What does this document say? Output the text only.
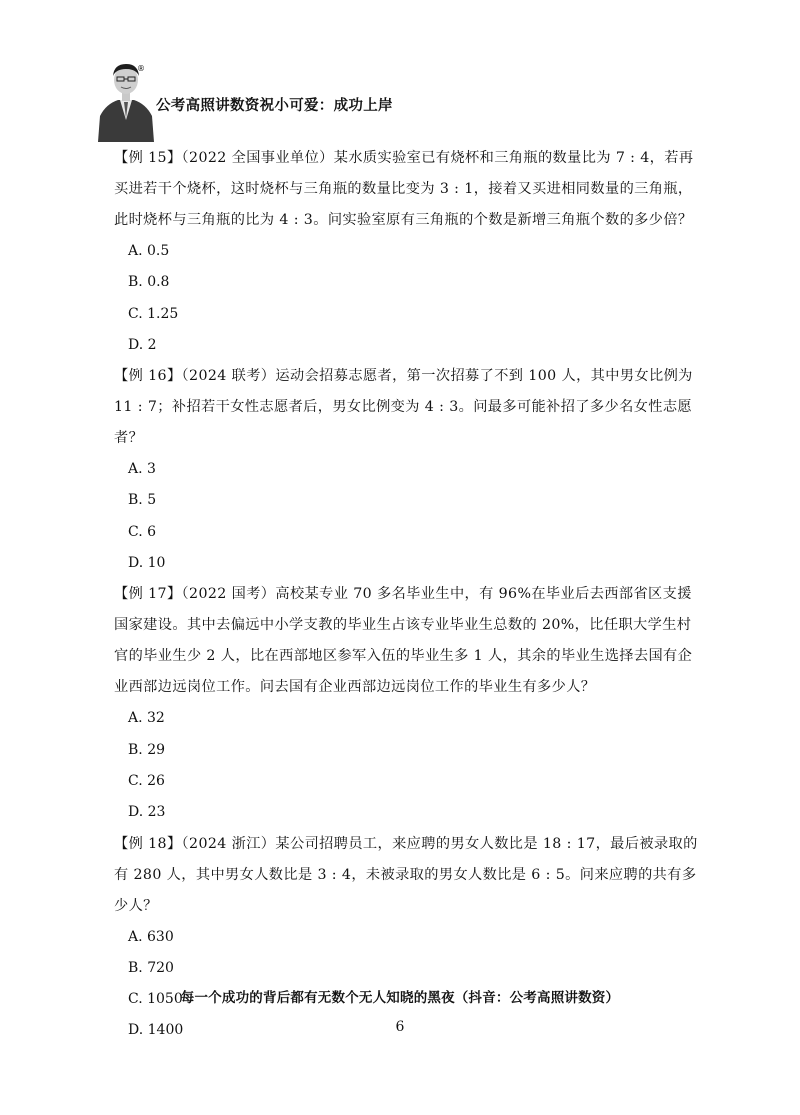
®
公考高照讲数资祝小可爱：成功上岸

【例 15】（2022 全国事业单位）某水质实验室已有烧杯和三角瓶的数量比为 7 : 4，若再买进若干个烧杯，这时烧杯与三角瓶的数量比变为 3 : 1，接着又买进相同数量的三角瓶，此时烧杯与三角瓶的比为 4 : 3。问实验室原有三角瓶的个数是新增三角瓶个数的多少倍？

A. 0.5
B. 0.8
C. 1.25
D. 2

【例 16】（2024 联考）运动会招募志愿者，第一次招募了不到 100 人，其中男女比例为 11 : 7；补招若干女性志愿者后，男女比例变为 4 : 3。问最多可能补招了多少名女性志愿者？

A. 3
B. 5
C. 6
D. 10

【例 17】（2022 国考）高校某专业 70 多名毕业生中，有 96%在毕业后去西部省区支援国家建设。其中去偏远中小学支教的毕业生占该专业毕业生总数的 20%，比任职大学生村官的毕业生少 2 人，比在西部地区参军入伍的毕业生多 1 人，其余的毕业生选择去国有企业西部边远岗位工作。问去国有企业西部边远岗位工作的毕业生有多少人？

A. 32
B. 29
C. 26
D. 23

【例 18】（2024 浙江）某公司招聘员工，来应聘的男女人数比是 18 : 17，最后被录取的有 280 人，其中男女人数比是 3 : 4，未被录取的男女人数比是 6 : 5。问来应聘的共有多少人？

A. 630
B. 720
C. 1050
D. 1400
每一个成功的背后都有无数个无人知晓的黑夜（抖音：公考高照讲数资）
6
